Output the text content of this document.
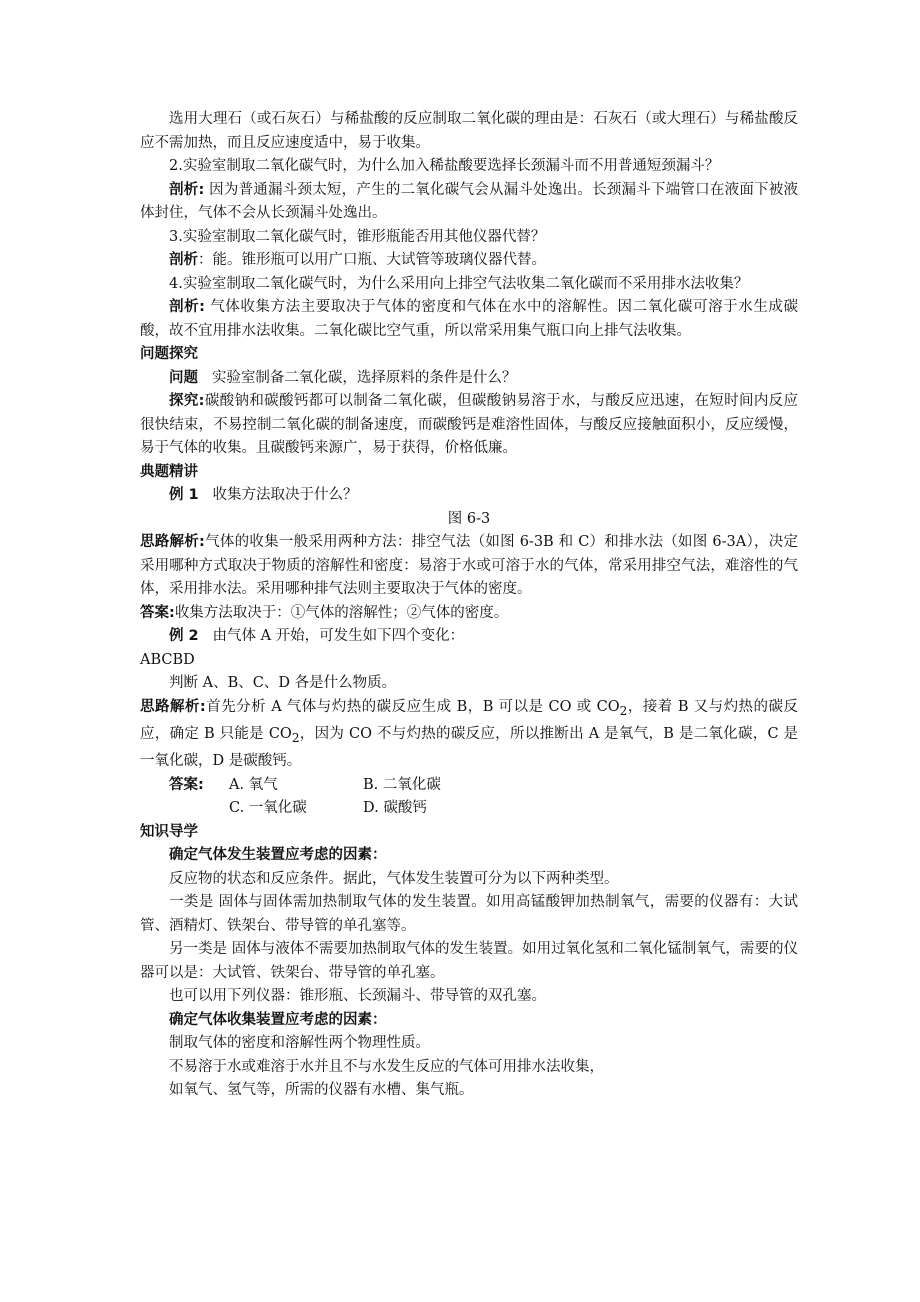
选用大理石（或石灰石）与稀盐酸的反应制取二氧化碳的理由是：石灰石（或大理石）与稀盐酸反应不需加热，而且反应速度适中，易于收集。

2.实验室制取二氧化碳气时，为什么加入稀盐酸要选择长颈漏斗而不用普通短颈漏斗？

剖析: 因为普通漏斗颈太短，产生的二氧化碳气会从漏斗处逸出。长颈漏斗下端管口在液面下被液体封住，气体不会从长颈漏斗处逸出。

3.实验室制取二氧化碳气时，锥形瓶能否用其他仪器代替？

剖析：能。锥形瓶可以用广口瓶、大试管等玻璃仪器代替。

4.实验室制取二氧化碳气时，为什么采用向上排空气法收集二氧化碳而不采用排水法收集？

剖析: 气体收集方法主要取决于气体的密度和气体在水中的溶解性。因二氧化碳可溶于水生成碳酸，故不宜用排水法收集。二氧化碳比空气重，所以常采用集气瓶口向上排气法收集。

问题探究

问题 实验室制备二氧化碳，选择原料的条件是什么？

探究:碳酸钠和碳酸钙都可以制备二氧化碳，但碳酸钠易溶于水，与酸反应迅速，在短时间内反应很快结束，不易控制二氧化碳的制备速度，而碳酸钙是难溶性固体，与酸反应接触面积小，反应缓慢，易于气体的收集。且碳酸钙来源广，易于获得，价格低廉。

典题精讲

例 1 收集方法取决于什么？

图 6-3

思路解析:气体的收集一般采用两种方法：排空气法（如图 6-3B 和 C）和排水法（如图 6-3A），决定采用哪种方式取决于物质的溶解性和密度：易溶于水或可溶于水的气体，常采用排空气法，难溶性的气体，采用排水法。采用哪种排气法则主要取决于气体的密度。

答案:收集方法取决于：①气体的溶解性；②气体的密度。

例 2 由气体 A 开始，可发生如下四个变化：

ABCBD

判断 A、B、C、D 各是什么物质。

思路解析:首先分析 A 气体与灼热的碳反应生成 B，B 可以是 CO 或 $CO_2$，接着 B 又与灼热的碳反应，确定 B 只能是 $CO_2$，因为 CO 不与灼热的碳反应，所以推断出 A 是氧气，B 是二氧化碳，C 是一氧化碳，D 是碳酸钙。

答案:	A. 氧气	B. 二氧化碳
C. 一氧化碳	D. 碳酸钙

知识导学

确定气体发生装置应考虑的因素：

反应物的状态和反应条件。据此，气体发生装置可分为以下两种类型。

一类是 固体与固体需加热制取气体的发生装置。如用高锰酸钾加热制氧气，需要的仪器有：大试管、酒精灯、铁架台、带导管的单孔塞等。

另一类是 固体与液体不需要加热制取气体的发生装置。如用过氧化氢和二氧化锰制氧气，需要的仪器可以是：大试管、铁架台、带导管的单孔塞。

也可以用下列仪器：锥形瓶、长颈漏斗、带导管的双孔塞。

确定气体收集装置应考虑的因素：

制取气体的密度和溶解性两个物理性质。

不易溶于水或难溶于水并且不与水发生反应的气体可用排水法收集，

如氧气、氢气等，所需的仪器有水槽、集气瓶。
